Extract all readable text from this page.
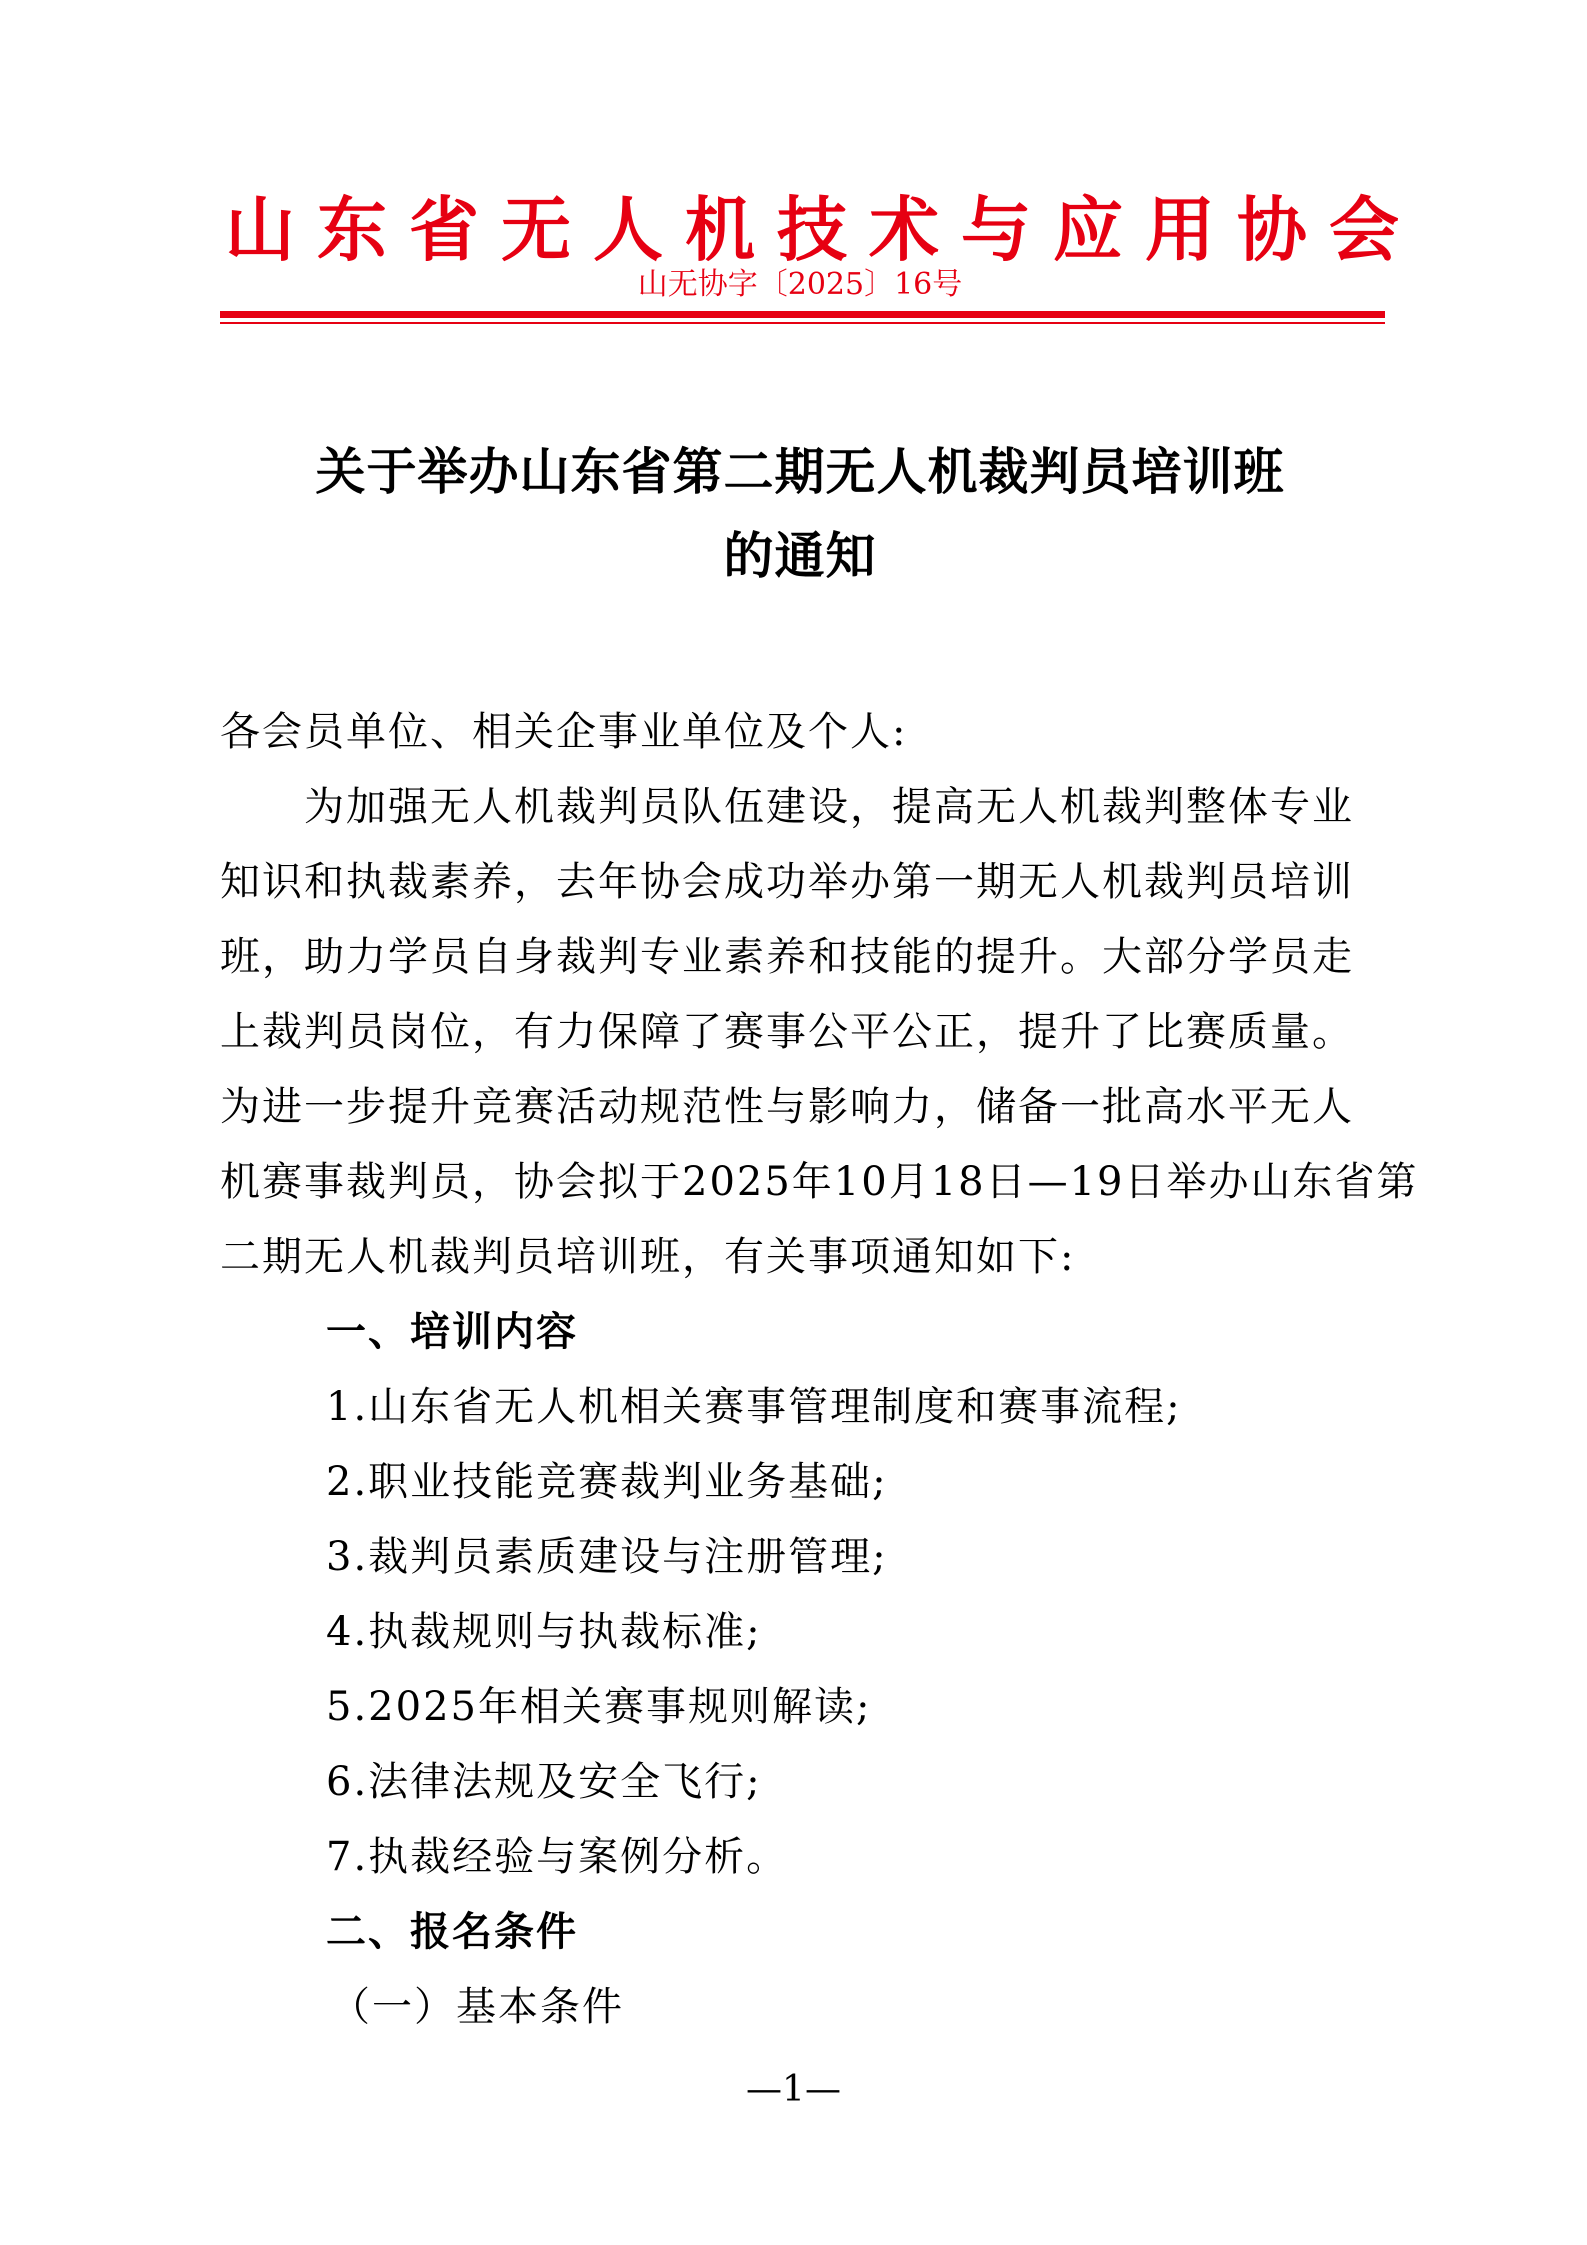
山东省无人机技术与应用协会
山无协字〔2025〕16号
关于举办山东省第二期无人机裁判员培训班
的通知
各会员单位、相关企事业单位及个人:
为加强无人机裁判员队伍建设，提高无人机裁判整体专业
知识和执裁素养，去年协会成功举办第一期无人机裁判员培训
班，助力学员自身裁判专业素养和技能的提升。大部分学员走
上裁判员岗位，有力保障了赛事公平公正，提升了比赛质量。
为进一步提升竞赛活动规范性与影响力，储备一批高水平无人
机赛事裁判员，协会拟于2025年10月18日—19日举办山东省第
二期无人机裁判员培训班，有关事项通知如下:
一、培训内容
1.山东省无人机相关赛事管理制度和赛事流程;
2.职业技能竞赛裁判业务基础;
3.裁判员素质建设与注册管理;
4.执裁规则与执裁标准;
5.2025年相关赛事规则解读;
6.法律法规及安全飞行;
7.执裁经验与案例分析。
二、报名条件
（一）基本条件
—1—
